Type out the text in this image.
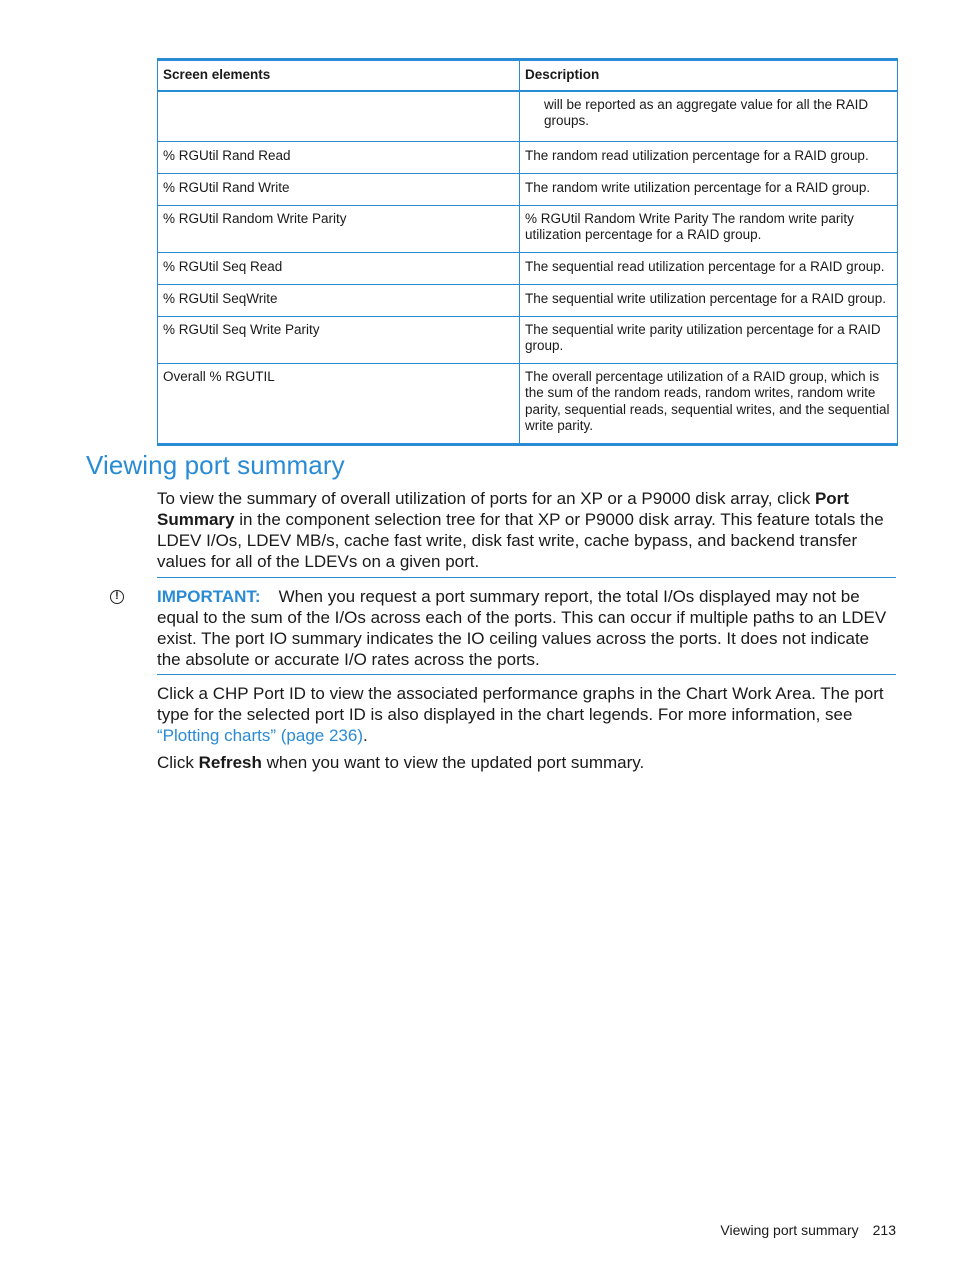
Screen elements	Description
	will be reported as an aggregate value for all the RAID groups.
% RGUtil Rand Read	The random read utilization percentage for a RAID group.
% RGUtil Rand Write	The random write utilization percentage for a RAID group.
% RGUtil Random Write Parity	% RGUtil Random Write Parity The random write parity utilization percentage for a RAID group.
% RGUtil Seq Read	The sequential read utilization percentage for a RAID group.
% RGUtil SeqWrite	The sequential write utilization percentage for a RAID group.
% RGUtil Seq Write Parity	The sequential write parity utilization percentage for a RAID group.
Overall % RGUTIL	The overall percentage utilization of a RAID group, which is the sum of the random reads, random writes, random write parity, sequential reads, sequential writes, and the sequential write parity.
Viewing port summary

To view the summary of overall utilization of ports for an XP or a P9000 disk array, click Port Summary in the component selection tree for that XP or P9000 disk array. This feature totals the LDEV I/Os, LDEV MB/s, cache fast write, disk fast write, cache bypass, and backend transfer values for all of the LDEVs on a given port.

!	IMPORTANT: When you request a port summary report, the total I/Os displayed may not be equal to the sum of the I/Os across each of the ports. This can occur if multiple paths to an LDEV exist. The port IO summary indicates the IO ceiling values across the ports. It does not indicate the absolute or accurate I/O rates across the ports.

Click a CHP Port ID to view the associated performance graphs in the Chart Work Area. The port type for the selected port ID is also displayed in the chart legends. For more information, see “Plotting charts” (page 236).

Click Refresh when you want to view the updated port summary.

Viewing port summary 213
